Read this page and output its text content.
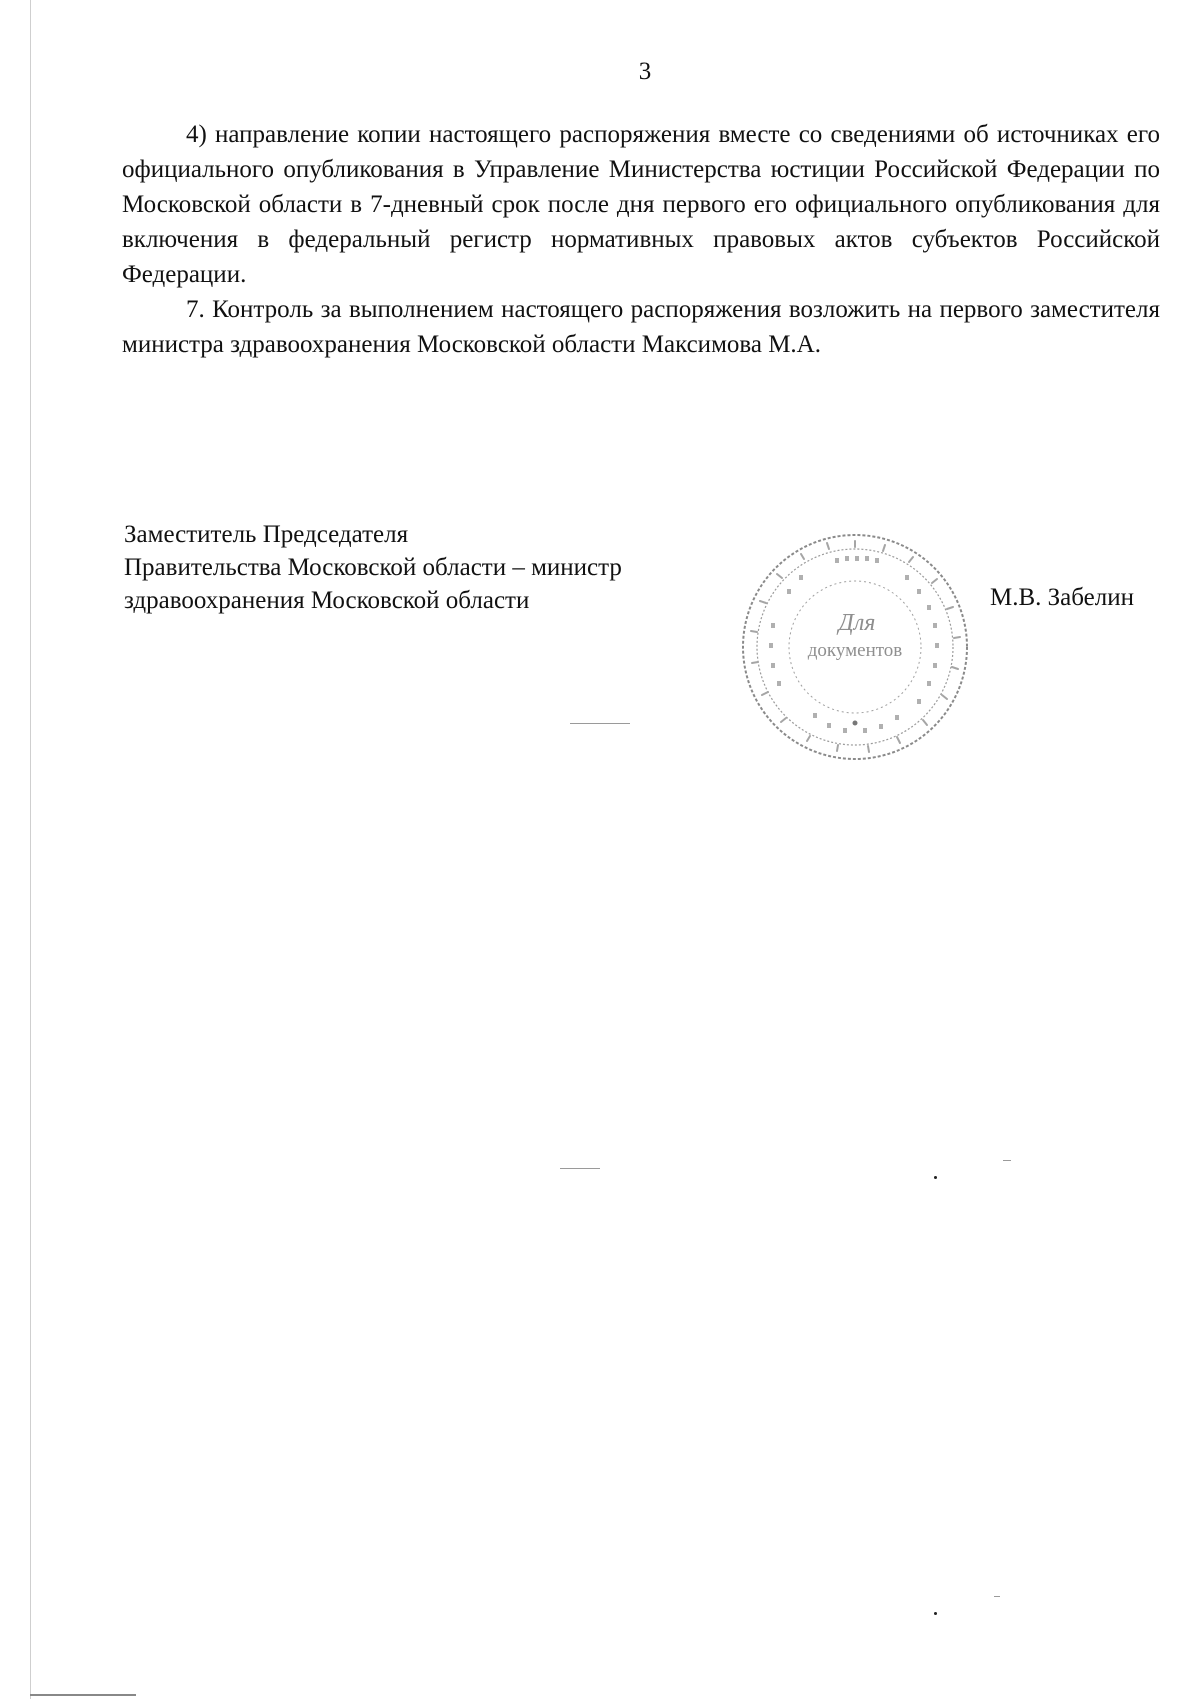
3

4) направление копии настоящего распоряжения вместе со сведениями об источниках его официального опубликования в Управление Министерства юстиции Российской Федерации по Московской области в 7-дневный срок после дня первого его официального опубликования для включения в федеральный регистр нормативных правовых актов субъектов Российской Федерации.

7. Контроль за выполнением настоящего распоряжения возложить на первого заместителя министра здравоохранения Московской области Максимова М.А.

Заместитель Председателя
Правительства Московской области – министр
здравоохранения Московской области
Для
документов
М.В. Забелин
